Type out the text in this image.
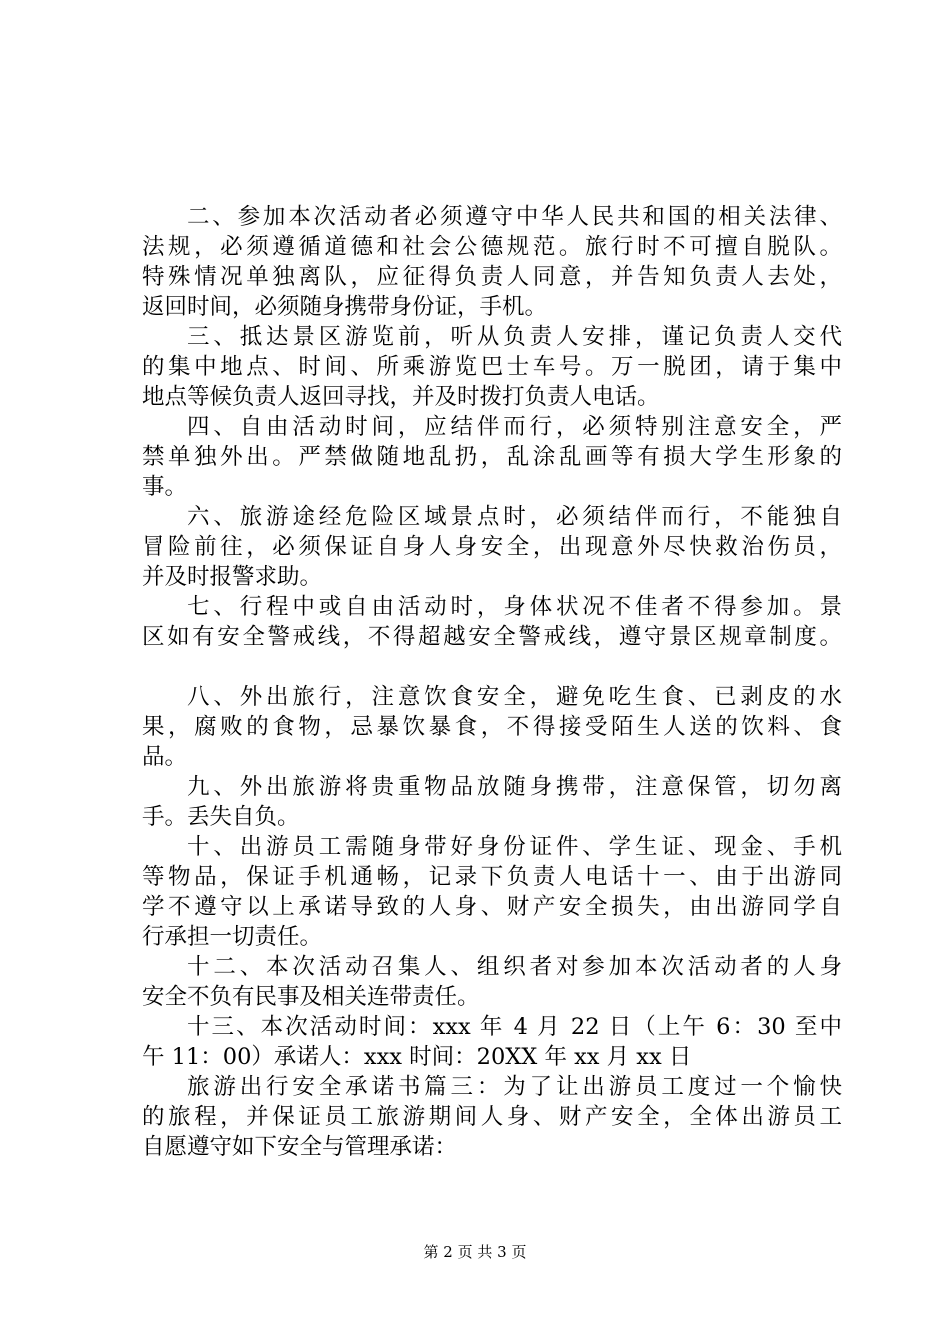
二、参加本次活动者必须遵守中华人民共和国的相关法律、

法规，必须遵循道德和社会公德规范。旅行时不可擅自脱队。

特殊情况单独离队，应征得负责人同意，并告知负责人去处，

返回时间，必须随身携带身份证，手机。

三、抵达景区游览前，听从负责人安排，谨记负责人交代

的集中地点、时间、所乘游览巴士车号。万一脱团，请于集中

地点等候负责人返回寻找，并及时拨打负责人电话。

四、自由活动时间，应结伴而行，必须特别注意安全，严

禁单独外出。严禁做随地乱扔，乱涂乱画等有损大学生形象的

事。

六、旅游途经危险区域景点时，必须结伴而行，不能独自

冒险前往，必须保证自身人身安全，出现意外尽快救治伤员，

并及时报警求助。

七、行程中或自由活动时，身体状况不佳者不得参加。景

区如有安全警戒线，不得超越安全警戒线，遵守景区规章制度。

八、外出旅行，注意饮食安全，避免吃生食、已剥皮的水

果，腐败的食物，忌暴饮暴食，不得接受陌生人送的饮料、食

品。

九、外出旅游将贵重物品放随身携带，注意保管，切勿离

手。丢失自负。

十、出游员工需随身带好身份证件、学生证、现金、手机

等物品，保证手机通畅，记录下负责人电话十一、由于出游同

学不遵守以上承诺导致的人身、财产安全损失，由出游同学自

行承担一切责任。

十二、本次活动召集人、组织者对参加本次活动者的人身

安全不负有民事及相关连带责任。

十三、本次活动时间：xxx 年 4 月 22 日（上午 6：30 至中

午 11：00）承诺人：xxx 时间：20XX 年 xx 月 xx 日

旅游出行安全承诺书篇三：为了让出游员工度过一个愉快

的旅程，并保证员工旅游期间人身、财产安全，全体出游员工

自愿遵守如下安全与管理承诺：

第 2 页 共 3 页
